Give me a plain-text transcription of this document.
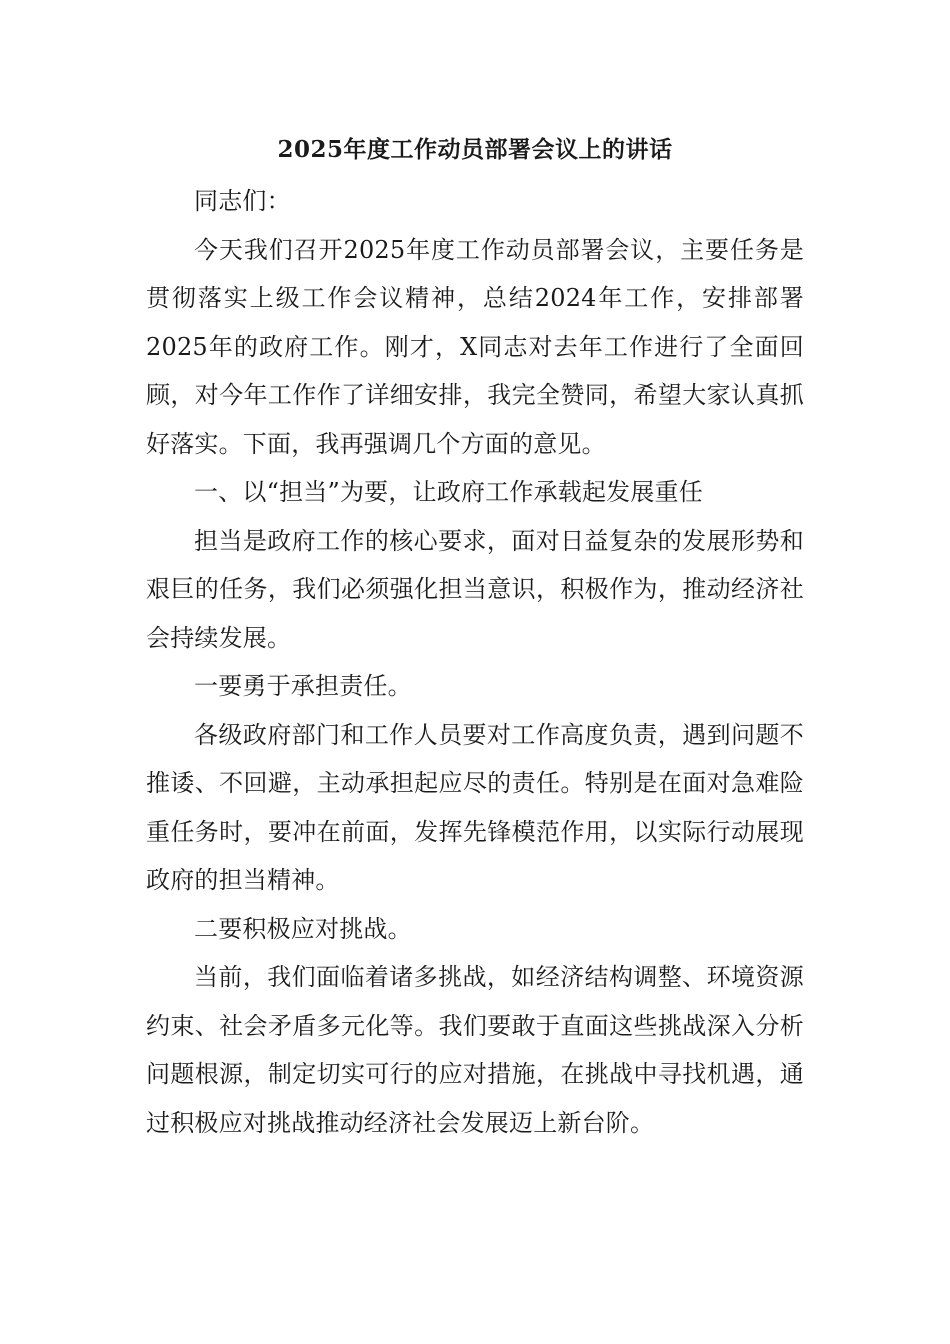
2025年度工作动员部署会议上的讲话

同志们：

今天我们召开2025年度工作动员部署会议，主要任务是贯彻落实上级工作会议精神，总结2024年工作，安排部署2025年的政府工作。刚才，X同志对去年工作进行了全面回顾，对今年工作作了详细安排，我完全赞同，希望大家认真抓好落实。下面，我再强调几个方面的意见。

一、以“担当”为要，让政府工作承载起发展重任

担当是政府工作的核心要求，面对日益复杂的发展形势和艰巨的任务，我们必须强化担当意识，积极作为，推动经济社会持续发展。

一要勇于承担责任。

各级政府部门和工作人员要对工作高度负责，遇到问题不推诿、不回避，主动承担起应尽的责任。特别是在面对急难险重任务时，要冲在前面，发挥先锋模范作用，以实际行动展现政府的担当精神。

二要积极应对挑战。

当前，我们面临着诸多挑战，如经济结构调整、环境资源约束、社会矛盾多元化等。我们要敢于直面这些挑战深入分析问题根源，制定切实可行的应对措施，在挑战中寻找机遇，通过积极应对挑战推动经济社会发展迈上新台阶。
